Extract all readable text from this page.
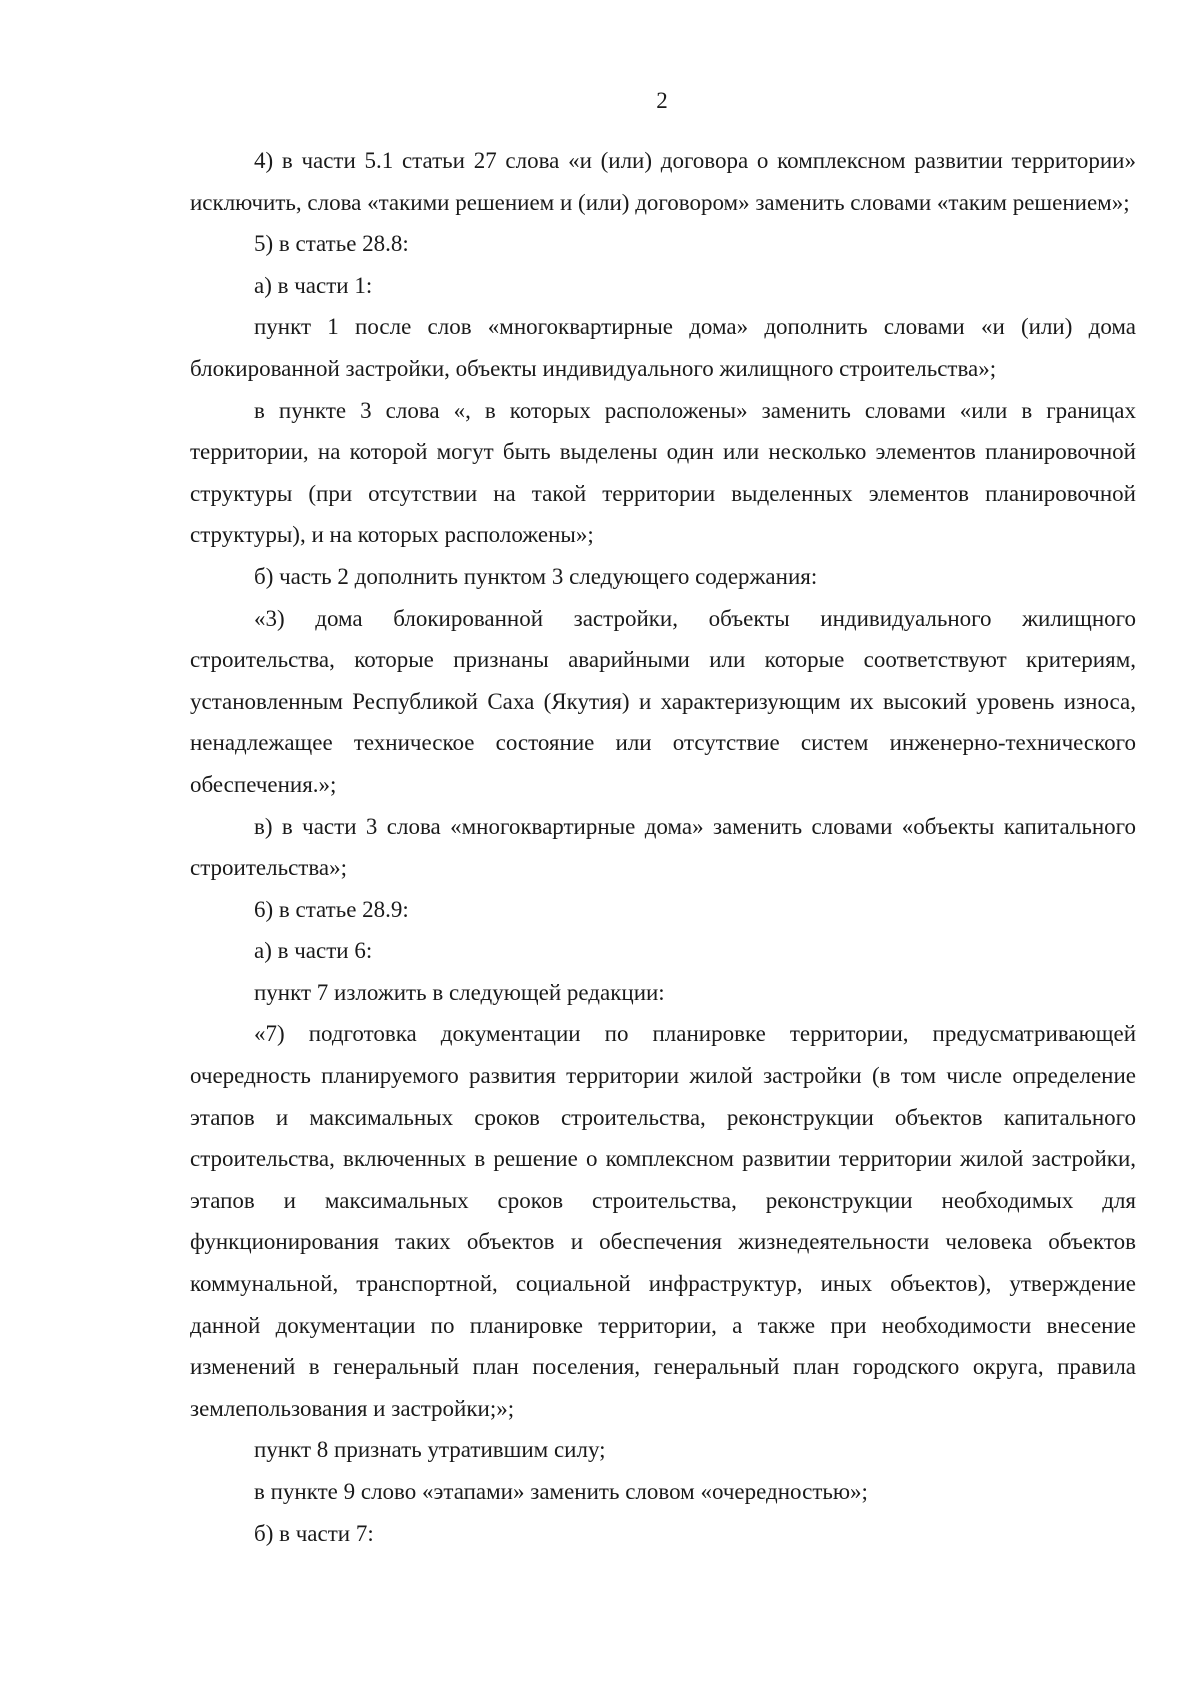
2

4) в части 5.1 статьи 27 слова «и (или) договора о комплексном развитии территории» исключить, слова «такими решением и (или) договором» заменить словами «таким решением»;

5) в статье 28.8:

а) в части 1:

пункт 1 после слов «многоквартирные дома» дополнить словами «и (или) дома блокированной застройки, объекты индивидуального жилищного строительства»;

в пункте 3 слова «, в которых расположены» заменить словами «или в границах территории, на которой могут быть выделены один или несколько элементов планировочной структуры (при отсутствии на такой территории выделенных элементов планировочной структуры), и на которых расположены»;

б) часть 2 дополнить пунктом 3 следующего содержания:

«3) дома блокированной застройки, объекты индивидуального жилищного строительства, которые признаны аварийными или которые соответствуют критериям, установленным Республикой Саха (Якутия) и характеризующим их высокий уровень износа, ненадлежащее техническое состояние или отсутствие систем инженерно-технического обеспечения.»;

в) в части 3 слова «многоквартирные дома» заменить словами «объекты капитального строительства»;

6) в статье 28.9:

а) в части 6:

пункт 7 изложить в следующей редакции:

«7) подготовка документации по планировке территории, предусматривающей очередность планируемого развития территории жилой застройки (в том числе определение этапов и максимальных сроков строительства, реконструкции объектов капитального строительства, включенных в решение о комплексном развитии территории жилой застройки, этапов и максимальных сроков строительства, реконструкции необходимых для функционирования таких объектов и обеспечения жизнедеятельности человека объектов коммунальной, транспортной, социальной инфраструктур, иных объектов), утверждение данной документации по планировке территории, а также при необходимости внесение изменений в генеральный план поселения, генеральный план городского округа, правила землепользования и застройки;»;

пункт 8 признать утратившим силу;

в пункте 9 слово «этапами» заменить словом «очередностью»;

б) в части 7:
